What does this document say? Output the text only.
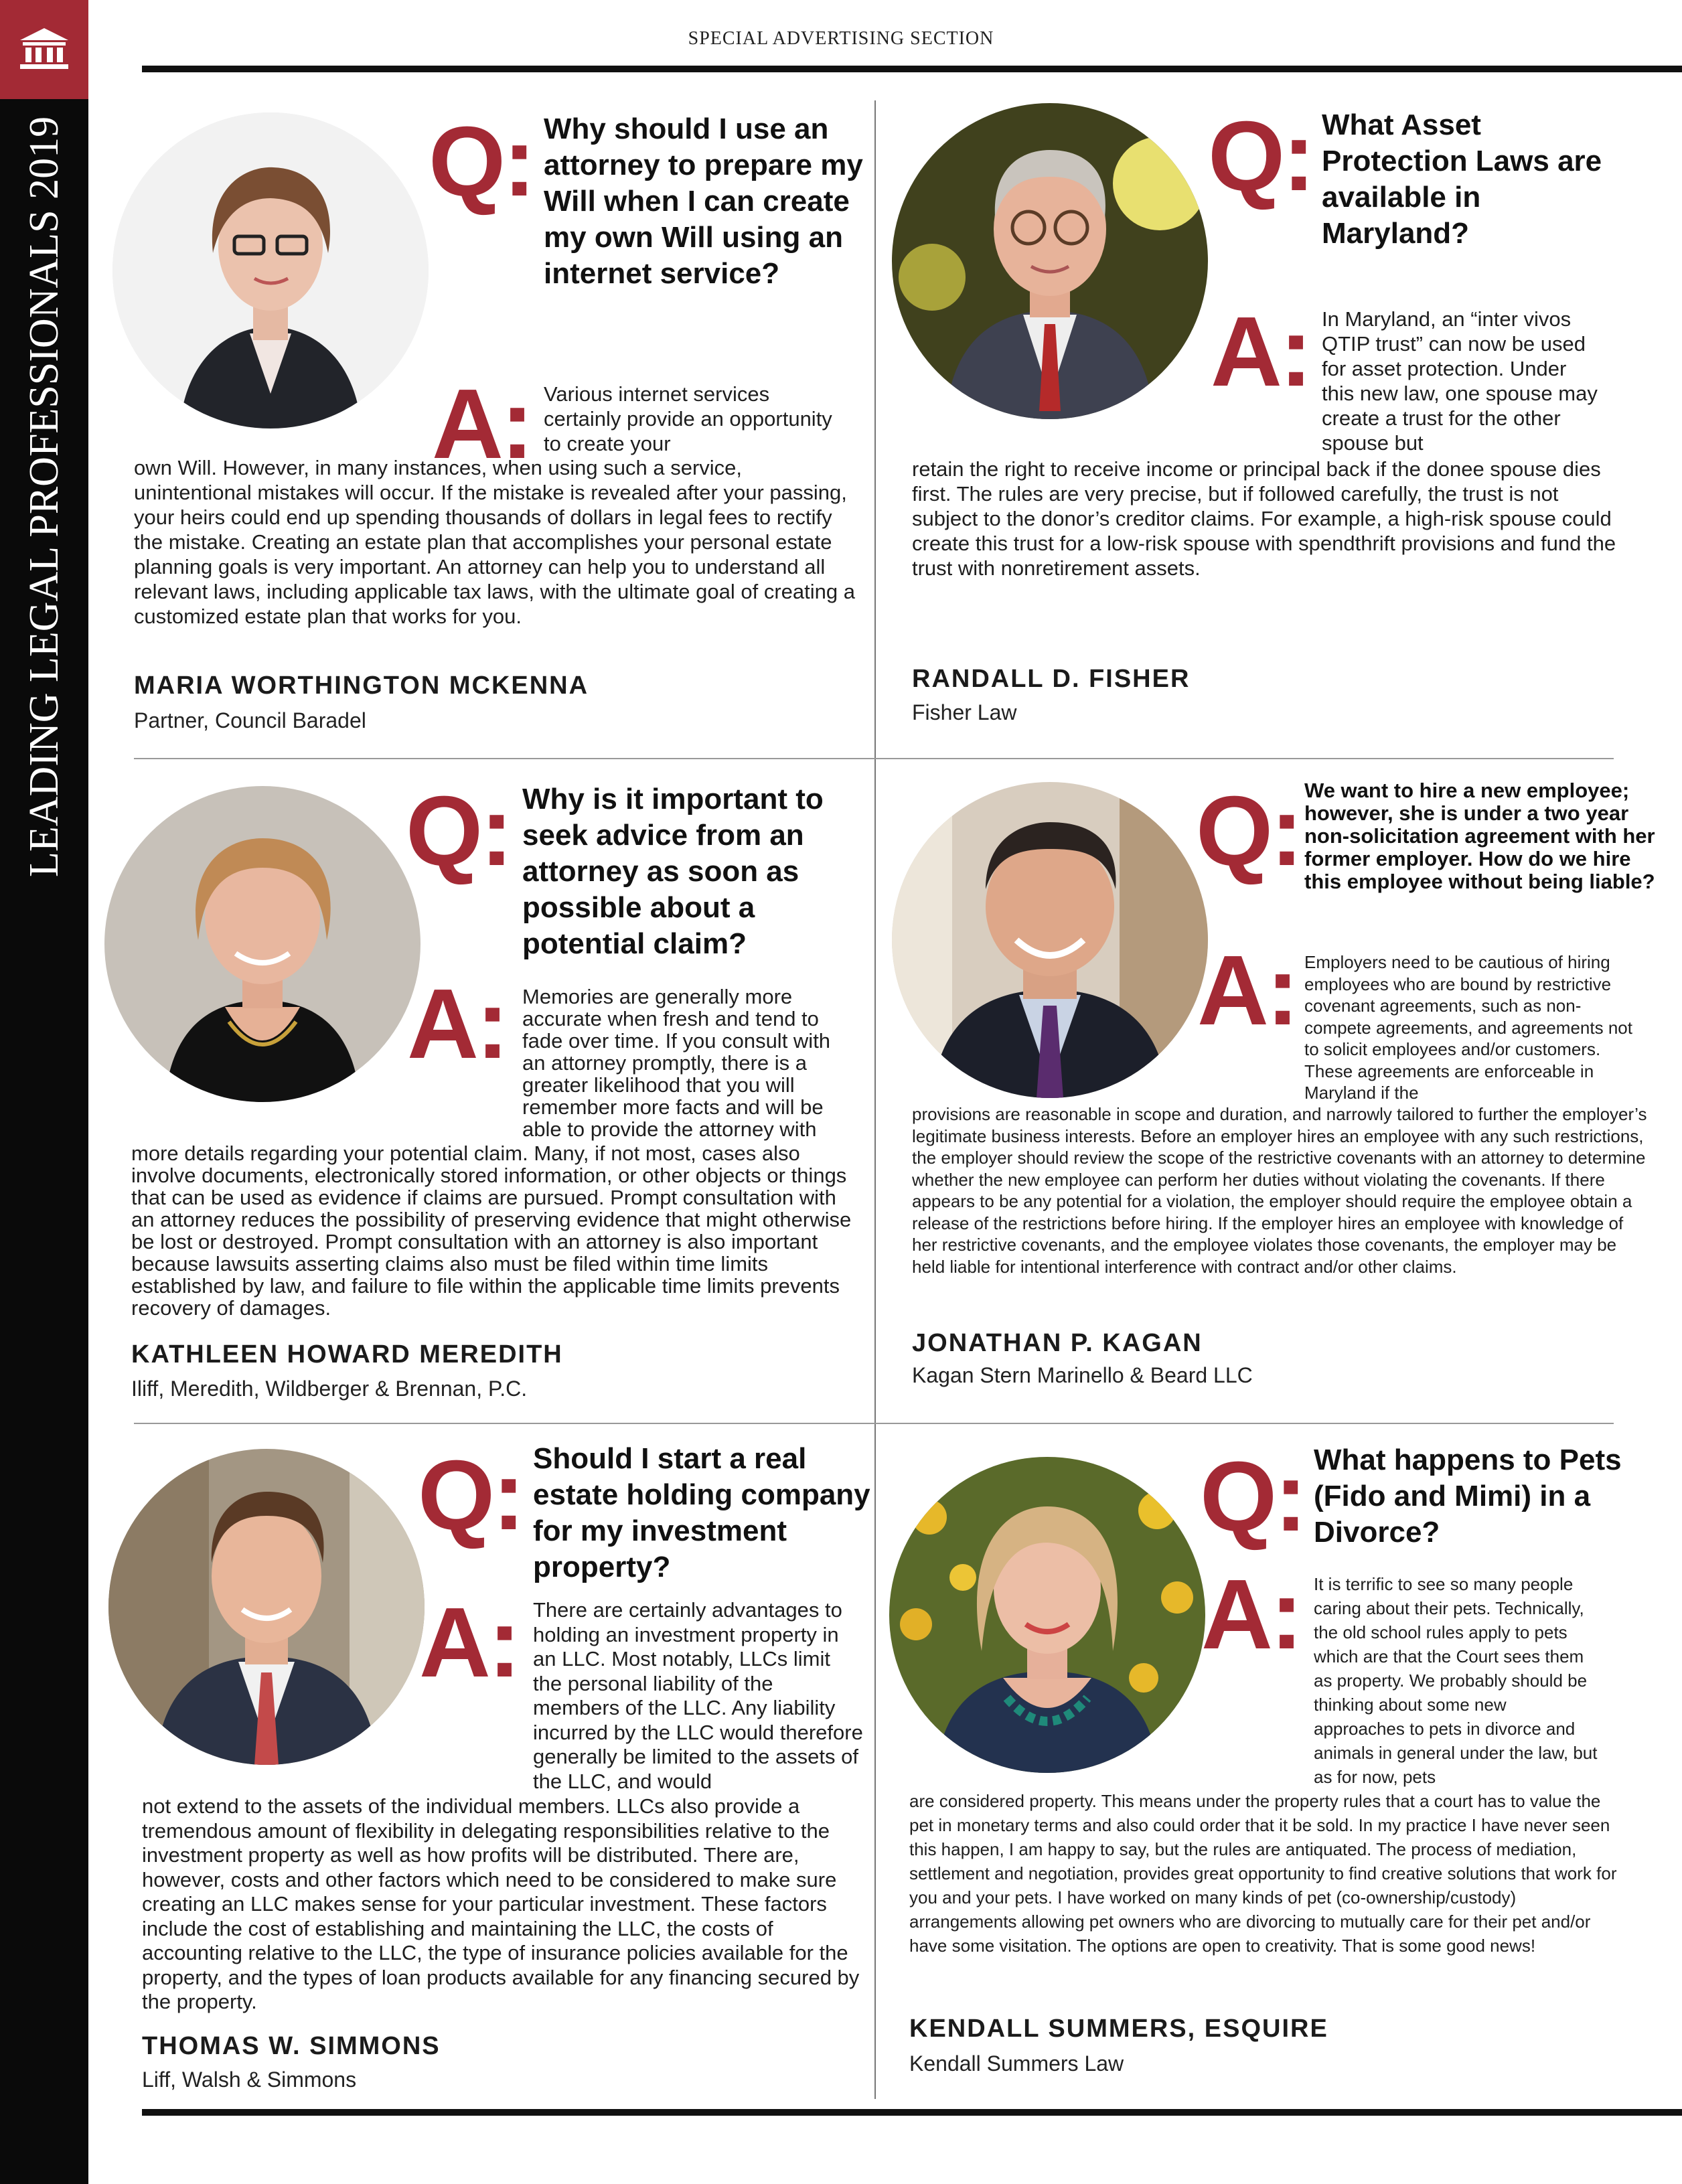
LEADING LEGAL PROFESSIONALS 2019
SPECIAL ADVERTISING SECTION
Q: Why should I use an attorney to prepare my Will when I can create my own Will using an internet service?
A: Various internet services certainly provide an opportunity to create your
own Will. However, in many instances, when using such a service, unintentional mistakes will occur. If the mistake is revealed after your passing, your heirs could end up spending thousands of dollars in legal fees to rectify the mistake. Creating an estate plan that accomplishes your personal estate planning goals is very important. An attorney can help you to understand all relevant laws, including applicable tax laws, with the ultimate goal of creating a customized estate plan that works for you.
MARIA WORTHINGTON MCKENNA
Partner, Council Baradel
Q: What Asset Protection Laws are available in Maryland?
A: In Maryland, an “inter vivos QTIP trust” can now be used for asset protection. Under this new law, one spouse may create a trust for the other spouse but
retain the right to receive income or principal back if the donee spouse dies first. The rules are very precise, but if followed carefully, the trust is not subject to the donor’s creditor claims. For example, a high-risk spouse could create this trust for a low-risk spouse with spendthrift provisions and fund the trust with nonretirement assets.
RANDALL D. FISHER
Fisher Law
Q: Why is it important to seek advice from an attorney as soon as possible about a potential claim?
A: Memories are generally more accurate when fresh and tend to fade over time. If you consult with an attorney promptly, there is a greater likelihood that you will remember more facts and will be able to provide the attorney with
more details regarding your potential claim. Many, if not most, cases also involve documents, electronically stored information, or other objects or things that can be used as evidence if claims are pursued. Prompt consultation with an attorney reduces the possibility of preserving evidence that might otherwise be lost or destroyed. Prompt consultation with an attorney is also important because lawsuits asserting claims also must be filed within time limits established by law, and failure to file within the applicable time limits prevents recovery of damages.
KATHLEEN HOWARD MEREDITH
Iliff, Meredith, Wildberger & Brennan, P.C.
Q: We want to hire a new employee; however, she is under a two year non-solicitation agreement with her former employer. How do we hire this employee without being liable?
A: Employers need to be cautious of hiring employees who are bound by restrictive covenant agreements, such as non-compete agreements, and agreements not to solicit employees and/or customers. These agreements are enforceable in Maryland if the
provisions are reasonable in scope and duration, and narrowly tailored to further the employer’s legitimate business interests. Before an employer hires an employee with any such restrictions, the employer should review the scope of the restrictive covenants with an attorney to determine whether the new employee can perform her duties without violating the covenants. If there appears to be any potential for a violation, the employer should require the employee obtain a release of the restrictions before hiring. If the employer hires an employee with knowledge of her restrictive covenants, and the employee violates those covenants, the employer may be held liable for intentional interference with contract and/or other claims.
JONATHAN P. KAGAN
Kagan Stern Marinello & Beard LLC
Q: Should I start a real estate holding company for my investment property?
A: There are certainly advantages to holding an investment property in an LLC. Most notably, LLCs limit the personal liability of the members of the LLC. Any liability incurred by the LLC would therefore generally be limited to the assets of the LLC, and would
not extend to the assets of the individual members. LLCs also provide a tremendous amount of flexibility in delegating responsibilities relative to the investment property as well as how profits will be distributed. There are, however, costs and other factors which need to be considered to make sure creating an LLC makes sense for your particular investment. These factors include the cost of establishing and maintaining the LLC, the costs of accounting relative to the LLC, the type of insurance policies available for the property, and the types of loan products available for any financing secured by the property.
THOMAS W. SIMMONS
Liff, Walsh & Simmons
Q: What happens to Pets (Fido and Mimi) in a Divorce?
A: It is terrific to see so many people caring about their pets. Technically, the old school rules apply to pets which are that the Court sees them as property. We probably should be thinking about some new approaches to pets in divorce and animals in general under the law, but as for now, pets
are considered property. This means under the property rules that a court has to value the pet in monetary terms and also could order that it be sold. In my practice I have never seen this happen, I am happy to say, but the rules are antiquated. The process of mediation, settlement and negotiation, provides great opportunity to find creative solutions that work for you and your pets. I have worked on many kinds of pet (co-ownership/custody) arrangements allowing pet owners who are divorcing to mutually care for their pet and/or have some visitation. The options are open to creativity. That is some good news!
KENDALL SUMMERS, ESQUIRE
Kendall Summers Law
